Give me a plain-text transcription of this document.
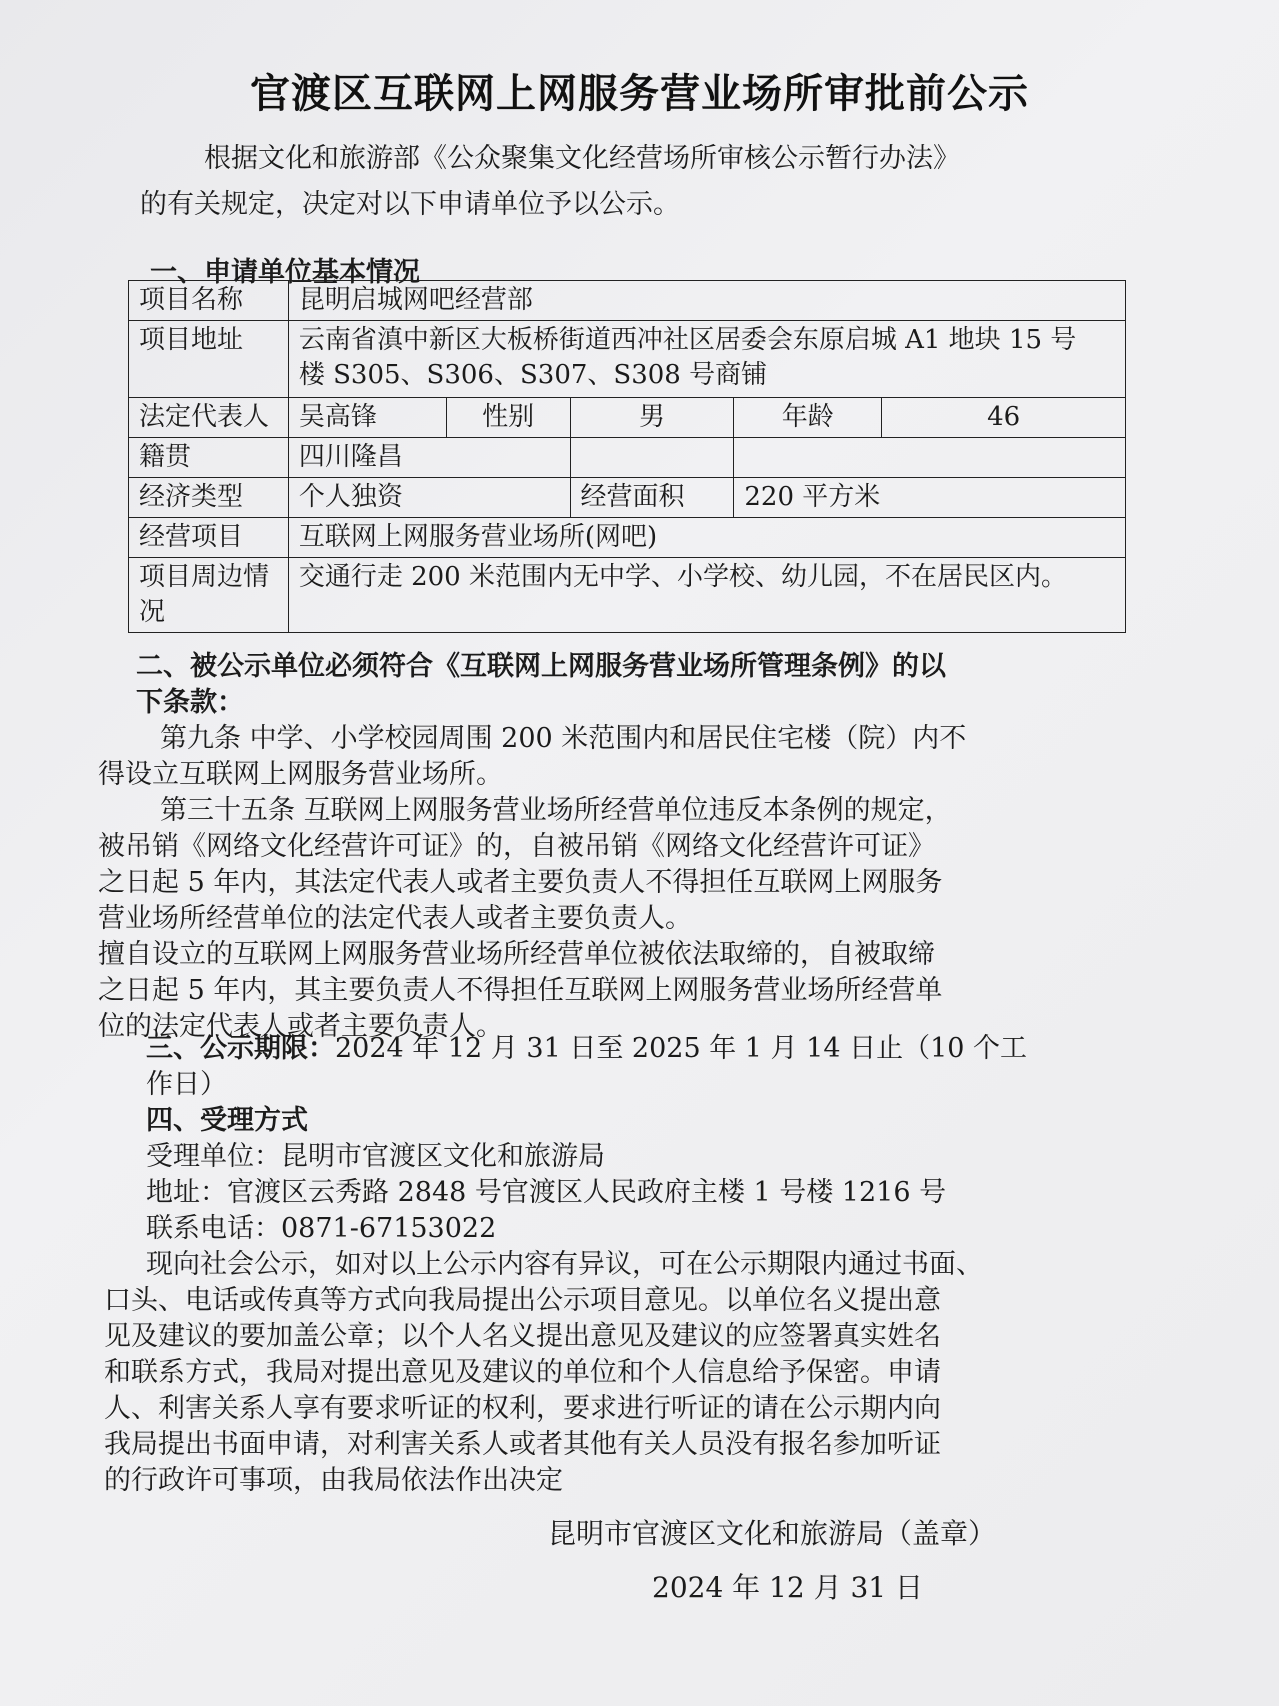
官渡区互联网上网服务营业场所审批前公示
根据文化和旅游部《公众聚集文化经营场所审核公示暂行办法》
的有关规定，决定对以下申请单位予以公示。
一、申请单位基本情况
项目名称	昆明启城网吧经营部				
项目地址	云南省滇中新区大板桥街道西冲社区居委会东原启城 A1 地块 15 号
楼 S305、S306、S307、S308 号商铺				

法定代表人	吴高锋	性别	男	年龄	46
籍贯	四川隆昌				
经济类型	个人独资		经营面积	220 平方米	
经营项目	互联网上网服务营业场所(网吧)				

项目周边情
况	交通行走 200 米范围内无中学、小学校、幼儿园，不在居民区内。				
二、被公示单位必须符合《互联网上网服务营业场所管理条例》的以
下条款：
第九条 中学、小学校园周围 200 米范围内和居民住宅楼（院）内不
得设立互联网上网服务营业场所。
第三十五条 互联网上网服务营业场所经营单位违反本条例的规定，
被吊销《网络文化经营许可证》的，自被吊销《网络文化经营许可证》
之日起 5 年内，其法定代表人或者主要负责人不得担任互联网上网服务
营业场所经营单位的法定代表人或者主要负责人。
擅自设立的互联网上网服务营业场所经营单位被依法取缔的，自被取缔
之日起 5 年内，其主要负责人不得担任互联网上网服务营业场所经营单
位的法定代表人或者主要负责人。
三、公示期限：2024 年 12 月 31 日至 2025 年 1 月 14 日止（10 个工
作日）
四、受理方式
受理单位：昆明市官渡区文化和旅游局
地址：官渡区云秀路 2848 号官渡区人民政府主楼 1 号楼 1216 号
联系电话：0871-67153022
现向社会公示，如对以上公示内容有异议，可在公示期限内通过书面、
口头、电话或传真等方式向我局提出公示项目意见。以单位名义提出意
见及建议的要加盖公章；以个人名义提出意见及建议的应签署真实姓名
和联系方式，我局对提出意见及建议的单位和个人信息给予保密。申请
人、利害关系人享有要求听证的权利，要求进行听证的请在公示期内向
我局提出书面申请，对利害关系人或者其他有关人员没有报名参加听证
的行政许可事项，由我局依法作出决定
昆明市官渡区文化和旅游局（盖章）
2024 年 12 月 31 日
